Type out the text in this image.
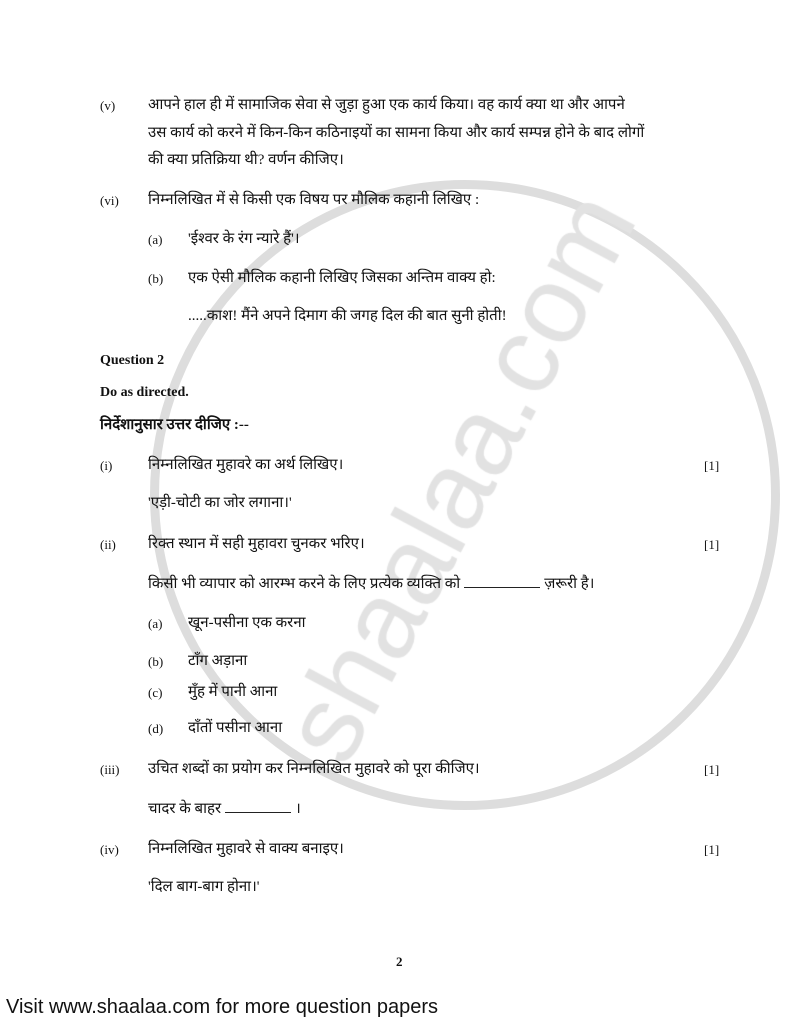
(v) आपने हाल ही में सामाजिक सेवा से जुड़ा हुआ एक कार्य किया। वह कार्य क्या था और आपने
उस कार्य को करने में किन-किन कठिनाइयों का सामना किया और कार्य सम्पन्न होने के बाद लोगों
की क्या प्रतिक्रिया थी? वर्णन कीजिए।
(vi) निम्नलिखित में से किसी एक विषय पर मौलिक कहानी लिखिए :
(a) 'ईश्वर के रंग न्यारे हैं'।
(b) एक ऐसी मौलिक कहानी लिखिए जिसका अन्तिम वाक्य हो:
.....काश! मैंने अपने दिमाग की जगह दिल की बात सुनी होती!
Question 2
Do as directed.
निर्देशानुसार उत्तर दीजिए :--
(i) निम्नलिखित मुहावरे का अर्थ लिखिए।	[1]
'एड़ी-चोटी का जोर लगाना।'
(ii) रिक्त स्थान में सही मुहावरा चुनकर भरिए।	[1]
किसी भी व्यापार को आरम्भ करने के लिए प्रत्येक व्यक्ति को	ज़रूरी है।
(a) खून-पसीना एक करना
(b) टाँग अड़ाना
(c) मुँह में पानी आना
(d) दाँतों पसीना आना
(iii) उचित शब्दों का प्रयोग कर निम्नलिखित मुहावरे को पूरा कीजिए।	[1]
चादर के बाहर	।
(iv) निम्नलिखित मुहावरे से वाक्य बनाइए।	[1]
'दिल बाग-बाग होना।'
2
Visit www.shaalaa.com for more question papers
